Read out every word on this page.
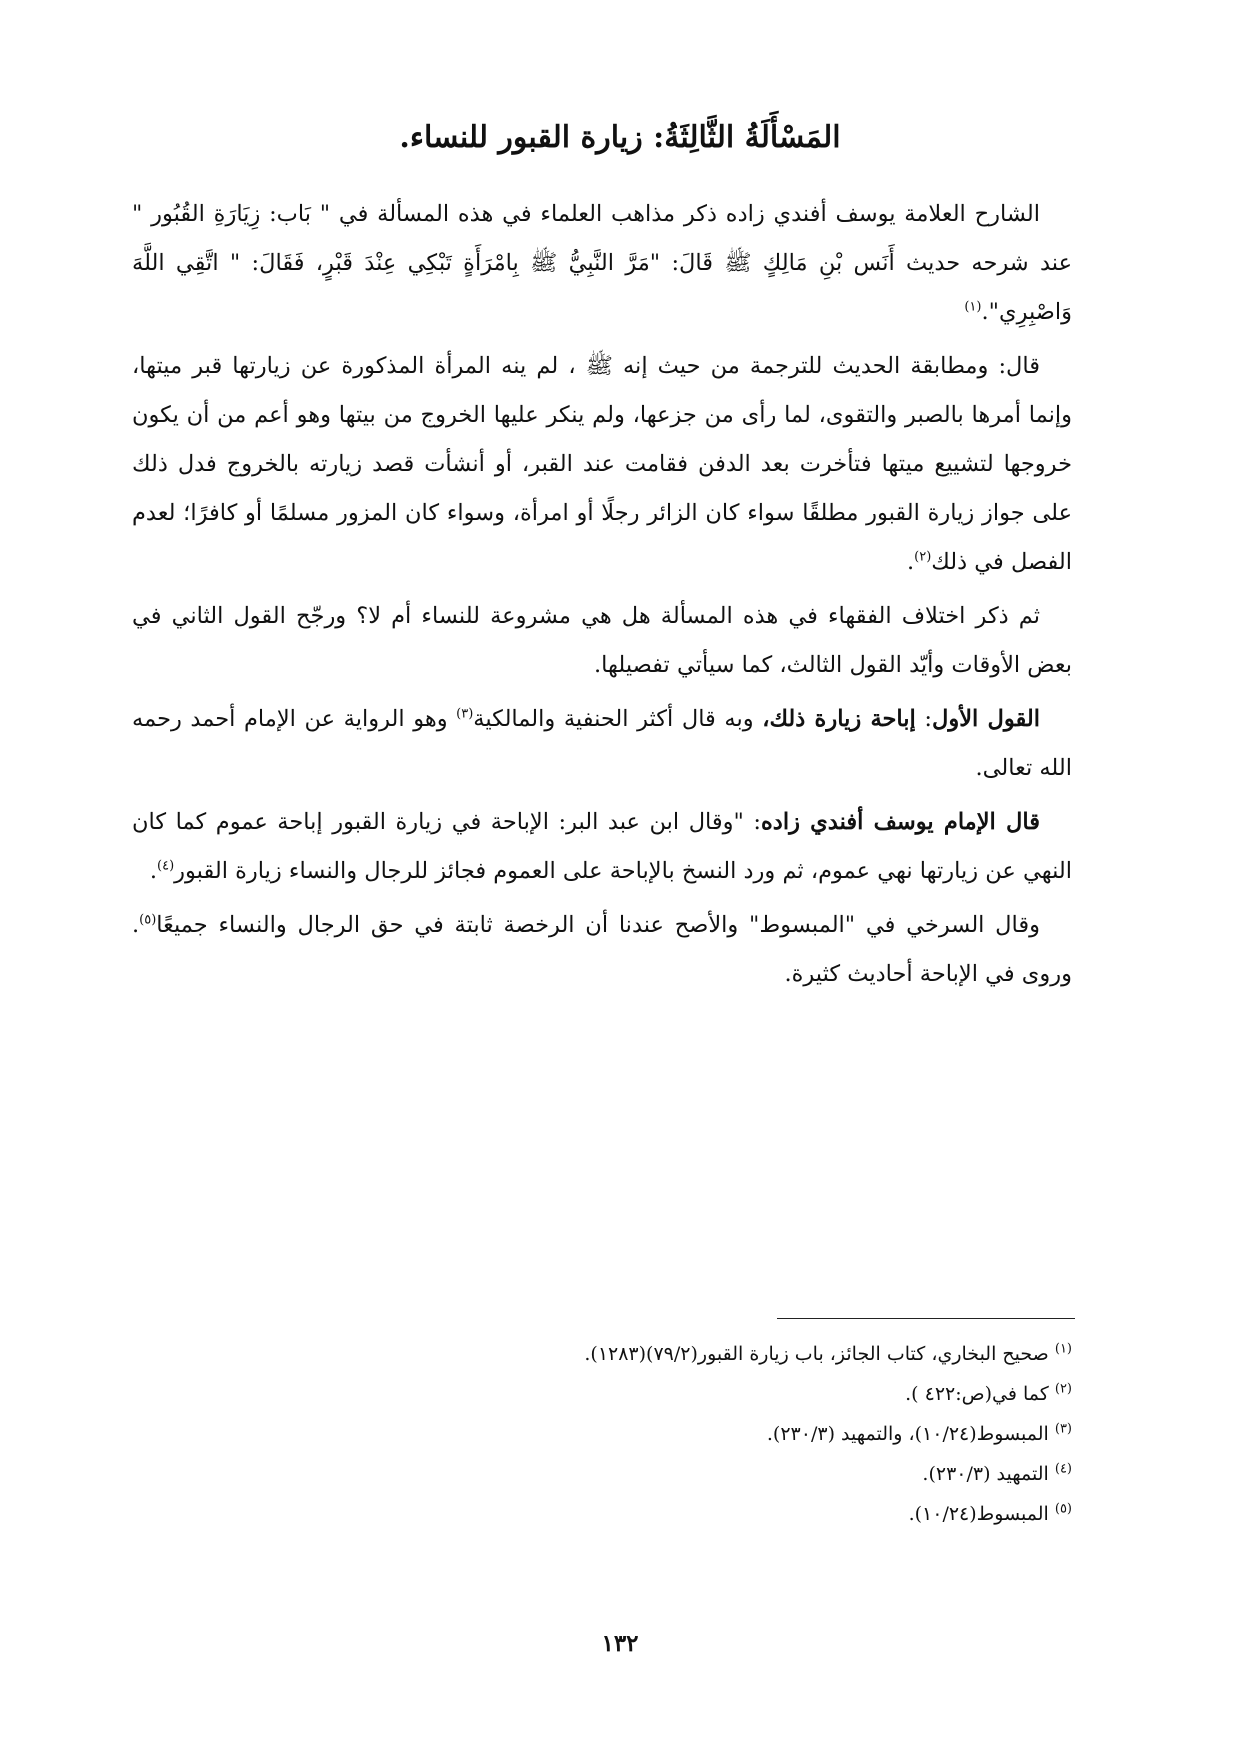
المَسْأَلَةُ الثَّالِثَةُ: زيارة القبور للنساء.

الشارح العلامة يوسف أفندي زاده ذكر مذاهب العلماء في هذه المسألة في " بَاب: زِيَارَةِ القُبُور " عند شرحه حديث أَنَس بْنِ مَالِكٍ ﷺ قَالَ: "مَرَّ النَّبِيُّ ﷺ بِامْرَأَةٍ تَبْكِي عِنْدَ قَبْرٍ، فَقَالَ: " اتَّقِي اللَّهَ وَاصْبِرِي".$^{(١)}$

قال: ومطابقة الحديث للترجمة من حيث إنه ﷺ ، لم ينه المرأة المذكورة عن زيارتها قبر ميتها، وإنما أمرها بالصبر والتقوى، لما رأى من جزعها، ولم ينكر عليها الخروج من بيتها وهو أعم من أن يكون خروجها لتشييع ميتها فتأخرت بعد الدفن فقامت عند القبر، أو أنشأت قصد زيارته بالخروج فدل ذلك على جواز زيارة القبور مطلقًا سواء كان الزائر رجلًا أو امرأة، وسواء كان المزور مسلمًا أو كافرًا؛ لعدم الفصل في ذلك$^{(٢)}$.

ثم ذكر اختلاف الفقهاء في هذه المسألة هل هي مشروعة للنساء أم لا؟ ورجّح القول الثاني في بعض الأوقات وأيّد القول الثالث، كما سيأتي تفصيلها.

القول الأول: إباحة زيارة ذلك، وبه قال أكثر الحنفية والمالكية$^{(٣)}$ وهو الرواية عن الإمام أحمد رحمه الله تعالى.

قال الإمام يوسف أفندي زاده: "وقال ابن عبد البر: الإباحة في زيارة القبور إباحة عموم كما كان النهي عن زيارتها نهي عموم، ثم ورد النسخ بالإباحة على العموم فجائز للرجال والنساء زيارة القبور$^{(٤)}$.

وقال السرخي في "المبسوط" والأصح عندنا أن الرخصة ثابتة في حق الرجال والنساء جميعًا$^{(٥)}$. وروى في الإباحة أحاديث كثيرة.

$^{(١)}$ صحيح البخاري، كتاب الجائز، باب زيارة القبور(٧٩/٢)(١٢٨٣).
$^{(٢)}$ كما في(ص:٤٢٢ ).
$^{(٣)}$ المبسوط(١٠/٢٤)، والتمهيد (٢٣٠/٣).
$^{(٤)}$ التمهيد (٢٣٠/٣).
$^{(٥)}$ المبسوط(١٠/٢٤).
١٣٢
